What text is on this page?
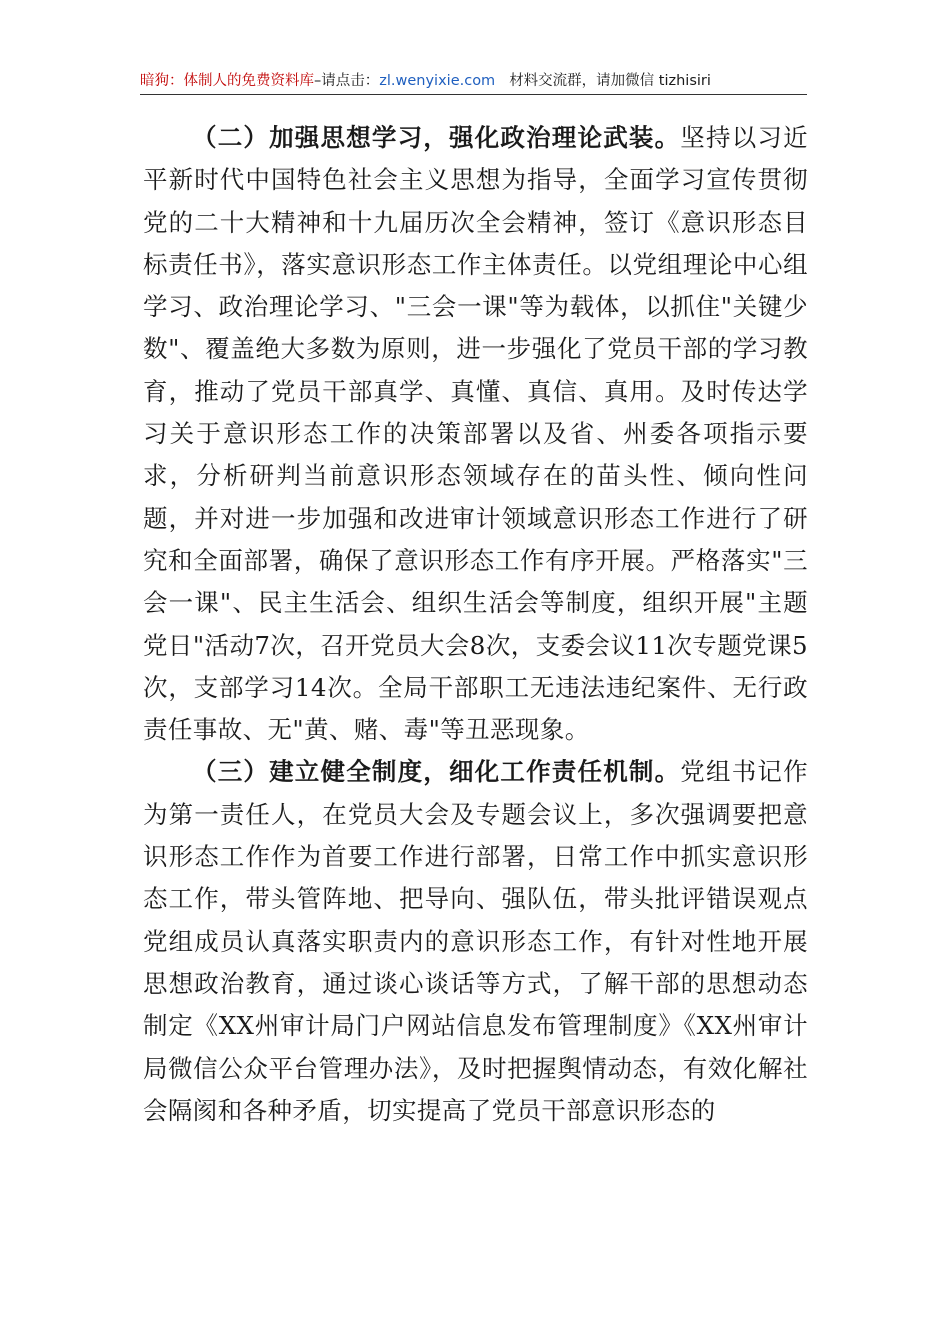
暗狗：体制人的免费资料库–请点击：zl.wenyixie.com 材料交流群，请加微信 tizhisiri

（二）加强思想学习，强化政治理论武装。坚持以习近平新时代中国特色社会主义思想为指导，全面学习宣传贯彻党的二十大精神和十九届历次全会精神，签订《意识形态目标责任书》，落实意识形态工作主体责任。以党组理论中心组学习、政治理论学习、"三会一课"等为载体，以抓住"关键少数"、覆盖绝大多数为原则，进一步强化了党员干部的学习教育，推动了党员干部真学、真懂、真信、真用。及时传达学习关于意识形态工作的决策部署以及省、州委各项指示要求，分析研判当前意识形态领域存在的苗头性、倾向性问题，并对进一步加强和改进审计领域意识形态工作进行了研究和全面部署，确保了意识形态工作有序开展。严格落实"三会一课"、民主生活会、组织生活会等制度，组织开展"主题党日"活动7次，召开党员大会8次，支委会议11次专题党课5次，支部学习14次。全局干部职工无违法违纪案件、无行政责任事故、无"黄、赌、毒"等丑恶现象。

（三）建立健全制度，细化工作责任机制。党组书记作为第一责任人，在党员大会及专题会议上，多次强调要把意识形态工作作为首要工作进行部署，日常工作中抓实意识形态工作，带头管阵地、把导向、强队伍，带头批评错误观点党组成员认真落实职责内的意识形态工作，有针对性地开展思想政治教育，通过谈心谈话等方式，了解干部的思想动态制定《XX州审计局门户网站信息发布管理制度》《XX州审计局微信公众平台管理办法》，及时把握舆情动态，有效化解社会隔阂和各种矛盾，切实提高了党员干部意识形态的
